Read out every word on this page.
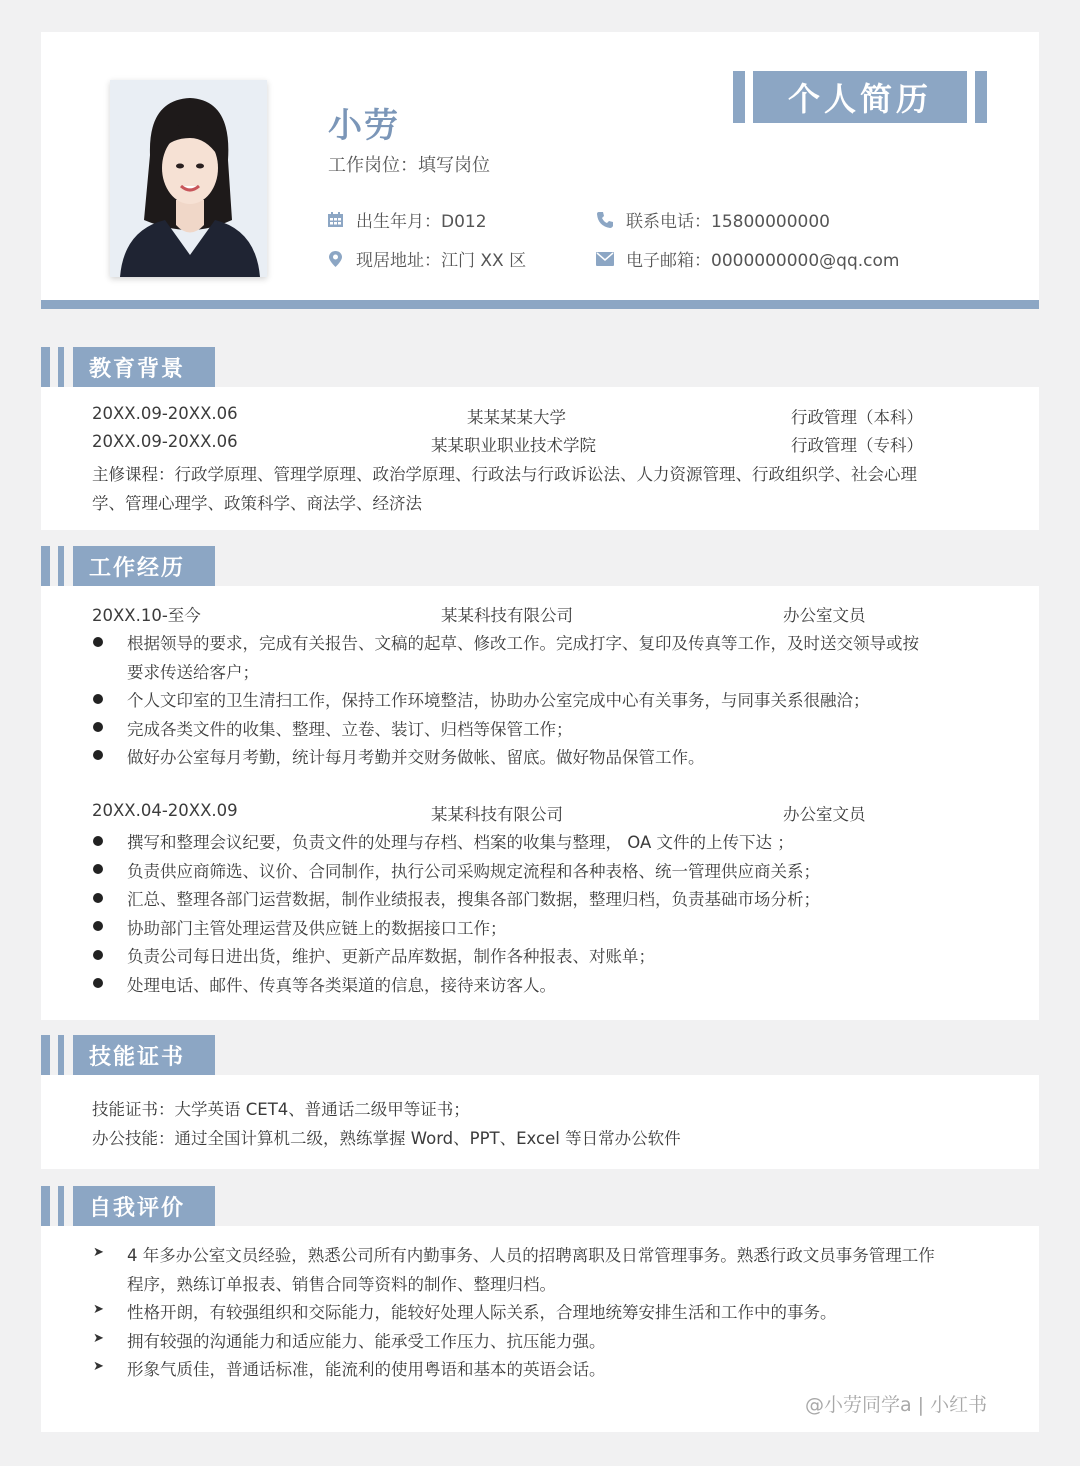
小劳
工作岗位：填写岗位
出生年月：D012
现居地址：江门 XX 区
联系电话：15800000000
电子邮箱：0000000000@qq.com
个人简历
教育背景
20XX.09-20XX.06	某某某某大学	行政管理（本科）
20XX.09-20XX.06	某某职业职业技术学院	行政管理（专科）
主修课程：行政学原理、管理学原理、政治学原理、行政法与行政诉讼法、人力资源管理、行政组织学、社会心理
学、管理心理学、政策科学、商法学、经济法
工作经历
20XX.10-至今	某某科技有限公司	办公室文员
根据领导的要求，完成有关报告、文稿的起草、修改工作。完成打字、复印及传真等工作，及时送交领导或按
要求传送给客户；
个人文印室的卫生清扫工作，保持工作环境整洁，协助办公室完成中心有关事务，与同事关系很融洽；
完成各类文件的收集、整理、立卷、装订、归档等保管工作；
做好办公室每月考勤，统计每月考勤并交财务做帐、留底。做好物品保管工作。
20XX.04-20XX.09	某某科技有限公司	办公室文员
撰写和整理会议纪要，负责文件的处理与存档、档案的收集与整理， OA 文件的上传下达 ；
负责供应商筛选、议价、合同制作，执行公司采购规定流程和各种表格、统一管理供应商关系；
汇总、整理各部门运营数据，制作业绩报表，搜集各部门数据，整理归档，负责基础市场分析；
协助部门主管处理运营及供应链上的数据接口工作；
负责公司每日进出货，维护、更新产品库数据，制作各种报表、对账单；
处理电话、邮件、传真等各类渠道的信息，接待来访客人。
技能证书
技能证书：大学英语 CET4、普通话二级甲等证书；
办公技能：通过全国计算机二级，熟练掌握 Word、PPT、Excel 等日常办公软件
自我评价
➤ 4 年多办公室文员经验，熟悉公司所有内勤事务、人员的招聘离职及日常管理事务。熟悉行政文员事务管理工作
程序，熟练订单报表、销售合同等资料的制作、整理归档。
➤ 性格开朗，有较强组织和交际能力，能较好处理人际关系，合理地统筹安排生活和工作中的事务。
➤ 拥有较强的沟通能力和适应能力、能承受工作压力、抗压能力强。
➤ 形象气质佳，普通话标准，能流利的使用粤语和基本的英语会话。
@小劳同学a | 小红书
